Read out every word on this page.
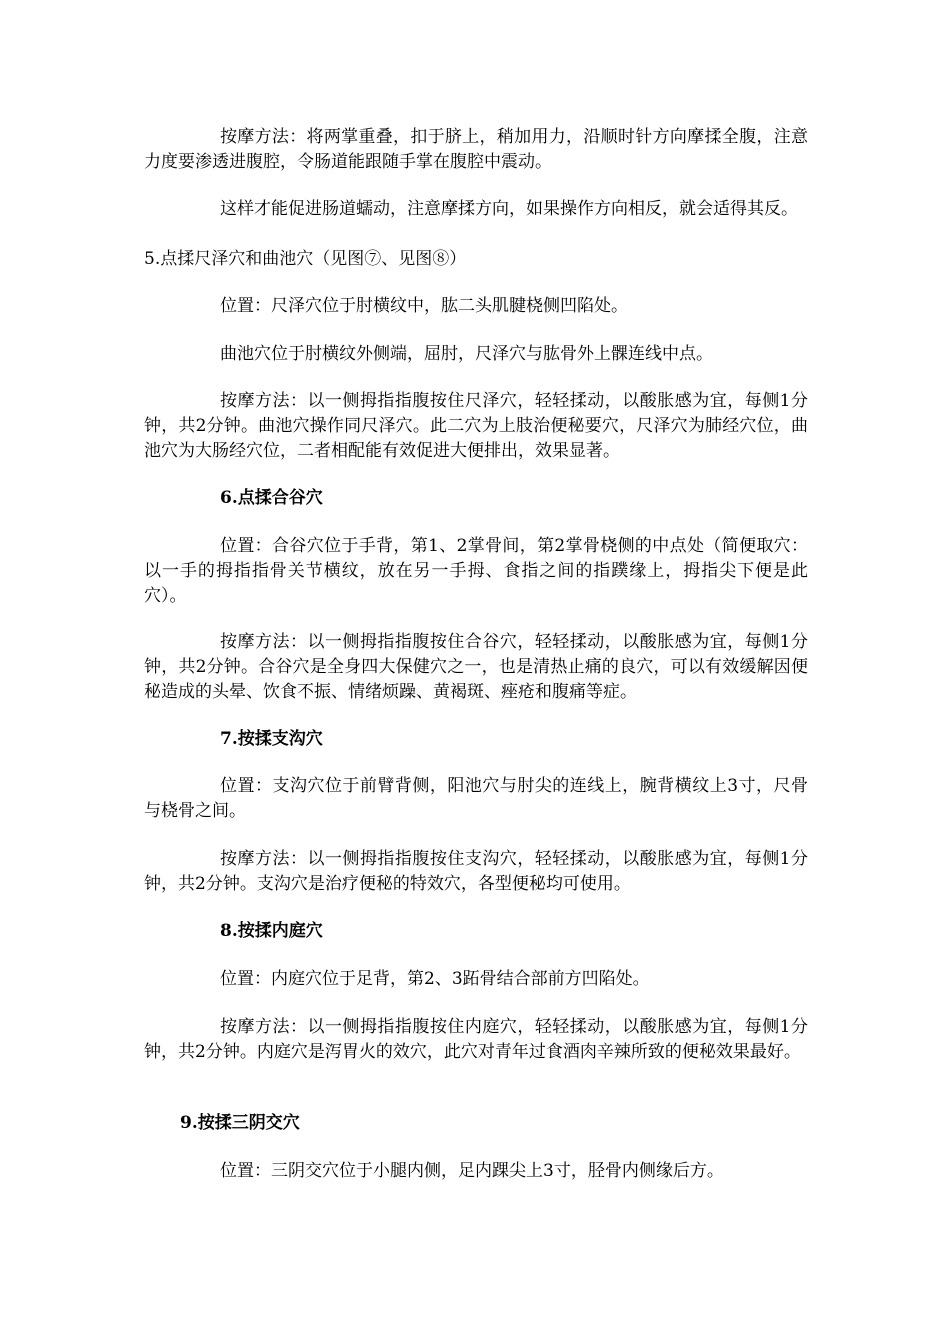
按摩方法：将两掌重叠，扣于脐上，稍加用力，沿顺时针方向摩揉全腹，注意力度要渗透进腹腔，令肠道能跟随手掌在腹腔中震动。

这样才能促进肠道蠕动，注意摩揉方向，如果操作方向相反，就会适得其反。

5.点揉尺泽穴和曲池穴（见图⑦、见图⑧）

位置：尺泽穴位于肘横纹中，肱二头肌腱桡侧凹陷处。

曲池穴位于肘横纹外侧端，屈肘，尺泽穴与肱骨外上髁连线中点。

按摩方法：以一侧拇指指腹按住尺泽穴，轻轻揉动，以酸胀感为宜，每侧1分钟，共2分钟。曲池穴操作同尺泽穴。此二穴为上肢治便秘要穴，尺泽穴为肺经穴位，曲池穴为大肠经穴位，二者相配能有效促进大便排出，效果显著。

6.点揉合谷穴

位置：合谷穴位于手背，第1、2掌骨间，第2掌骨桡侧的中点处（简便取穴：以一手的拇指指骨关节横纹，放在另一手拇、食指之间的指蹼缘上，拇指尖下便是此穴）。

按摩方法：以一侧拇指指腹按住合谷穴，轻轻揉动，以酸胀感为宜，每侧1分钟，共2分钟。合谷穴是全身四大保健穴之一，也是清热止痛的良穴，可以有效缓解因便秘造成的头晕、饮食不振、情绪烦躁、黄褐斑、痤疮和腹痛等症。

7.按揉支沟穴

位置：支沟穴位于前臂背侧，阳池穴与肘尖的连线上，腕背横纹上3寸，尺骨与桡骨之间。

按摩方法：以一侧拇指指腹按住支沟穴，轻轻揉动，以酸胀感为宜，每侧1分钟，共2分钟。支沟穴是治疗便秘的特效穴，各型便秘均可使用。

8.按揉内庭穴

位置：内庭穴位于足背，第2、3跖骨结合部前方凹陷处。

按摩方法：以一侧拇指指腹按住内庭穴，轻轻揉动，以酸胀感为宜，每侧1分钟，共2分钟。内庭穴是泻胃火的效穴，此穴对青年过食酒肉辛辣所致的便秘效果最好。

9.按揉三阴交穴

位置：三阴交穴位于小腿内侧，足内踝尖上3寸，胫骨内侧缘后方。
